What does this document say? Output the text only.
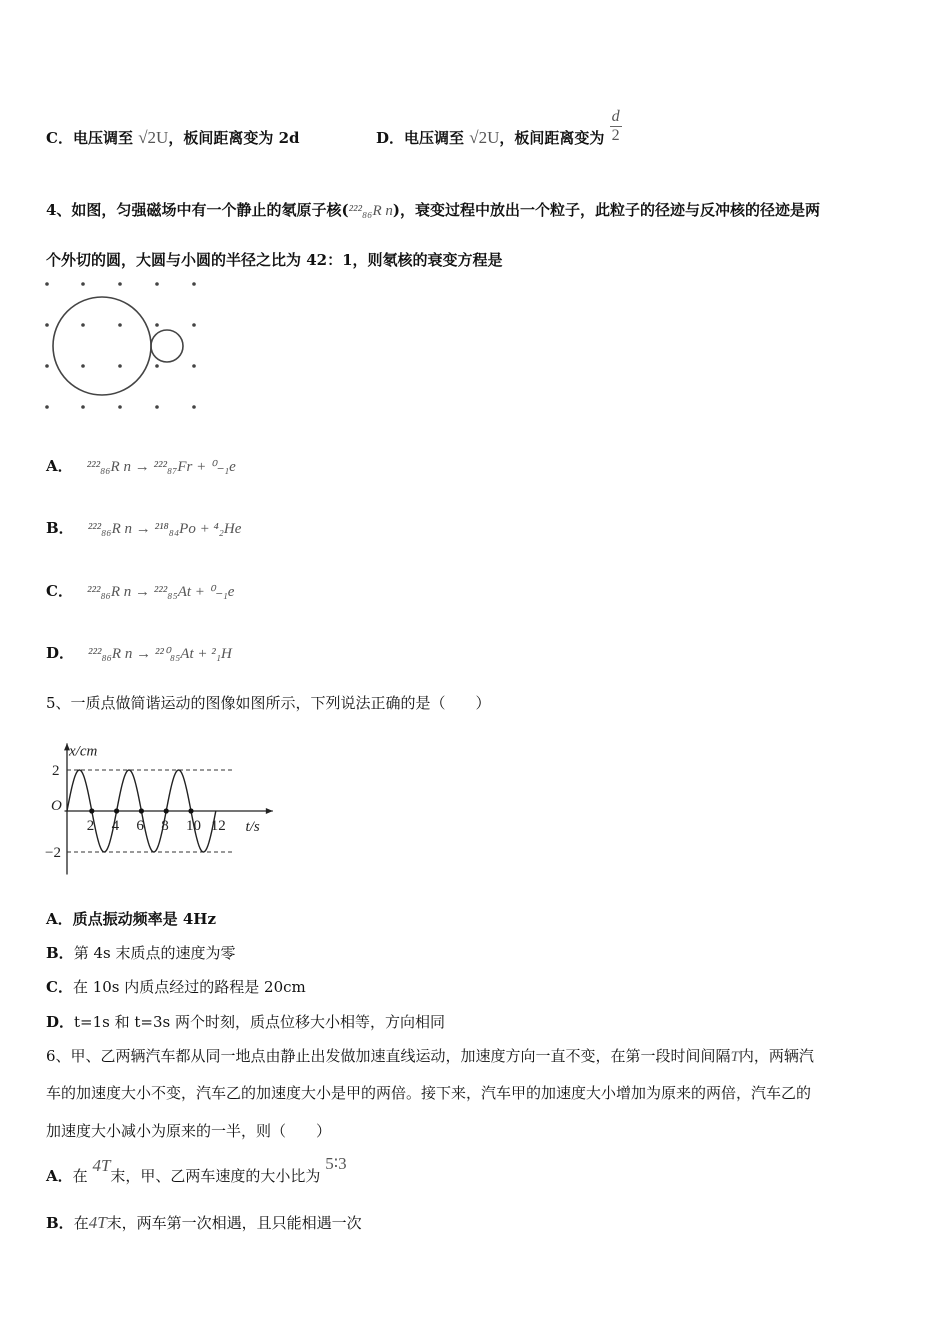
C．电压调至 √2U，板间距离变为 2d	D．电压调至 √2U，板间距离变为 $\frac{d}{2}$
4、如图，匀强磁场中有一个静止的氡原子核(²²²₈₆R n)，衰变过程中放出一个粒子，此粒子的径迹与反冲核的径迹是两
个外切的圆，大圆与小圆的半径之比为 42：1，则氡核的衰变方程是
A． ²²²₈₆R n → ²²²₈₇Fr + ⁰₋₁e
B． ²²²₈₆R n → ²¹⁸₈₄Po + ⁴₂He
C． ²²²₈₆R n → ²²²₈₅At + ⁰₋₁e
D． ²²²₈₆R n → ²²⁰₈₅At + ²₁H
5、一质点做简谐运动的图像如图所示，下列说法正确的是（　　）
2 4 6 8 10 12
2
−2
O
x/cm
t/s
A．质点振动频率是 4Hz
B．第 4s 末质点的速度为零
C．在 10s 内质点经过的路程是 20cm
D．t=1s 和 t=3s 两个时刻，质点位移大小相等，方向相同
6、甲、乙两辆汽车都从同一地点由静止出发做加速直线运动，加速度方向一直不变，在第一段时间间隔T内，两辆汽
车的加速度大小不变，汽车乙的加速度大小是甲的两倍。接下来，汽车甲的加速度大小增加为原来的两倍，汽车乙的
加速度大小减小为原来的一半，则（　　）
A．在 4T末，甲、乙两车速度的大小比为 5∶3
B．在4T末，两车第一次相遇，且只能相遇一次
